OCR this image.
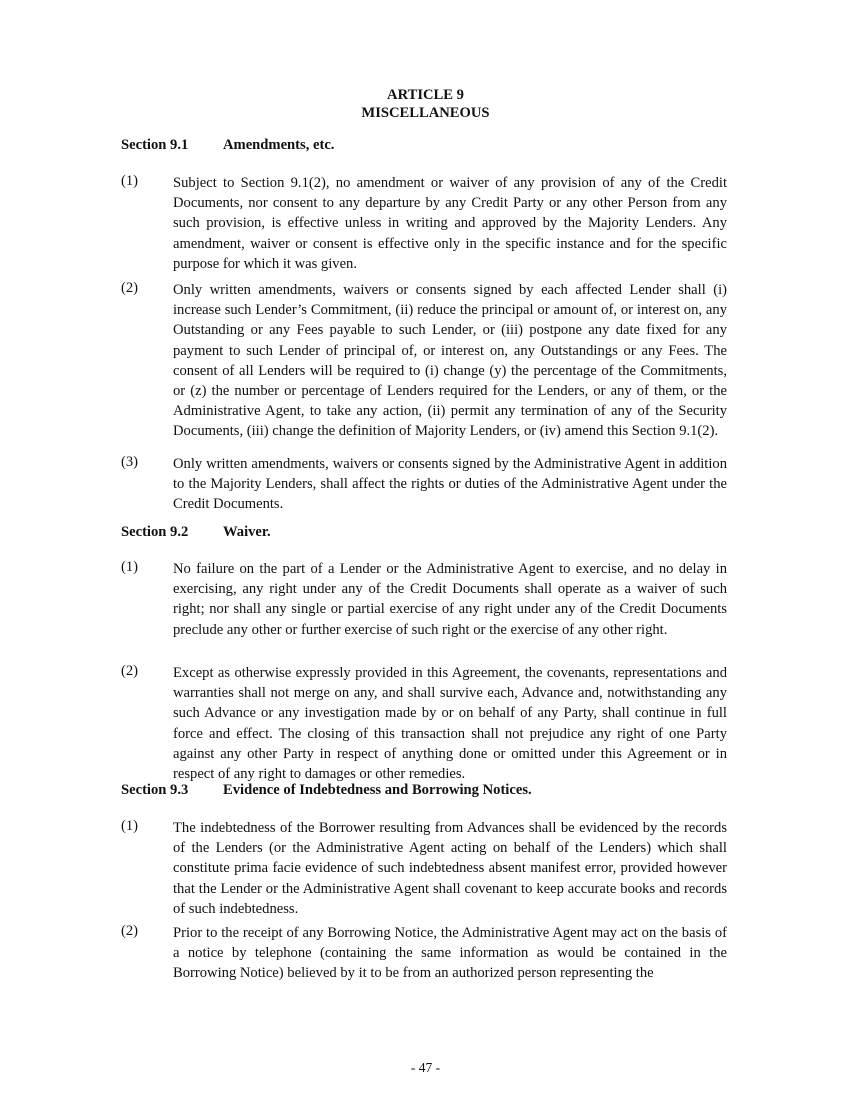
ARTICLE 9
MISCELLANEOUS
Section 9.1 Amendments, etc.
(1) Subject to Section 9.1(2), no amendment or waiver of any provision of any of the Credit Documents, nor consent to any departure by any Credit Party or any other Person from any such provision, is effective unless in writing and approved by the Majority Lenders. Any amendment, waiver or consent is effective only in the specific instance and for the specific purpose for which it was given.
(2) Only written amendments, waivers or consents signed by each affected Lender shall (i) increase such Lender’s Commitment, (ii) reduce the principal or amount of, or interest on, any Outstanding or any Fees payable to such Lender, or (iii) postpone any date fixed for any payment to such Lender of principal of, or interest on, any Outstandings or any Fees. The consent of all Lenders will be required to (i) change (y) the percentage of the Commitments, or (z) the number or percentage of Lenders required for the Lenders, or any of them, or the Administrative Agent, to take any action, (ii) permit any termination of any of the Security Documents, (iii) change the definition of Majority Lenders, or (iv) amend this Section 9.1(2).
(3) Only written amendments, waivers or consents signed by the Administrative Agent in addition to the Majority Lenders, shall affect the rights or duties of the Administrative Agent under the Credit Documents.
Section 9.2 Waiver.
(1) No failure on the part of a Lender or the Administrative Agent to exercise, and no delay in exercising, any right under any of the Credit Documents shall operate as a waiver of such right; nor shall any single or partial exercise of any right under any of the Credit Documents preclude any other or further exercise of such right or the exercise of any other right.
(2) Except as otherwise expressly provided in this Agreement, the covenants, representations and warranties shall not merge on any, and shall survive each, Advance and, notwithstanding any such Advance or any investigation made by or on behalf of any Party, shall continue in full force and effect. The closing of this transaction shall not prejudice any right of one Party against any other Party in respect of anything done or omitted under this Agreement or in respect of any right to damages or other remedies.
Section 9.3 Evidence of Indebtedness and Borrowing Notices.
(1) The indebtedness of the Borrower resulting from Advances shall be evidenced by the records of the Lenders (or the Administrative Agent acting on behalf of the Lenders) which shall constitute prima facie evidence of such indebtedness absent manifest error, provided however that the Lender or the Administrative Agent shall covenant to keep accurate books and records of such indebtedness.
(2) Prior to the receipt of any Borrowing Notice, the Administrative Agent may act on the basis of a notice by telephone (containing the same information as would be contained in the Borrowing Notice) believed by it to be from an authorized person representing the
- 47 -
